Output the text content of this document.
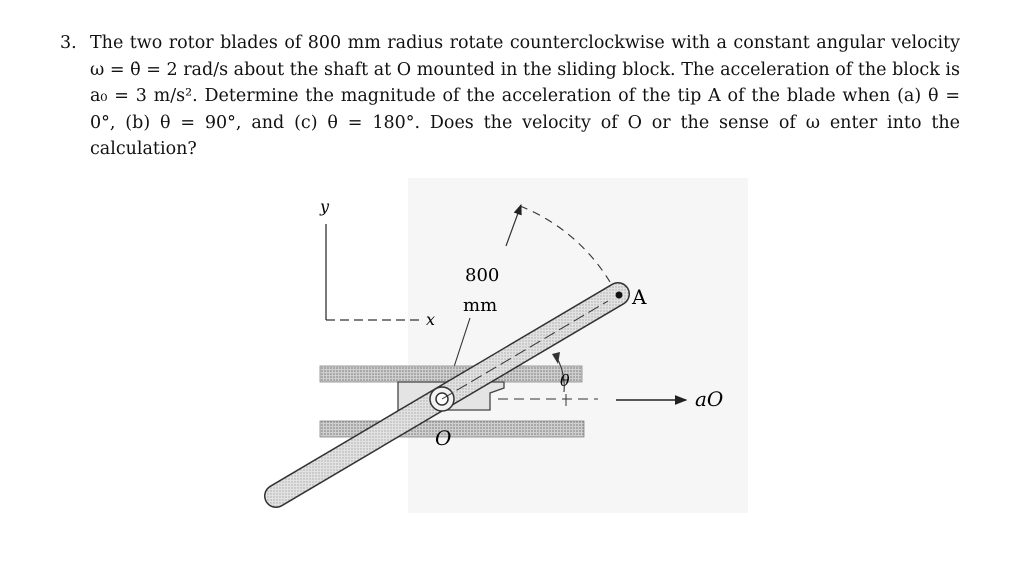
3. The two rotor blades of 800 mm radius rotate counterclockwise with a constant angular velocity ω = θ̇ = 2 rad/s about the shaft at O mounted in the sliding block. The acceleration of the block is a₀ = 3 m/s². Determine the magnitude of the acceleration of the tip A of the blade when (a) θ = 0°, (b) θ = 90°, and (c) θ = 180°. Does the velocity of O or the sense of ω enter into the calculation?
y
x
800
mm	A
θ
O
aO
